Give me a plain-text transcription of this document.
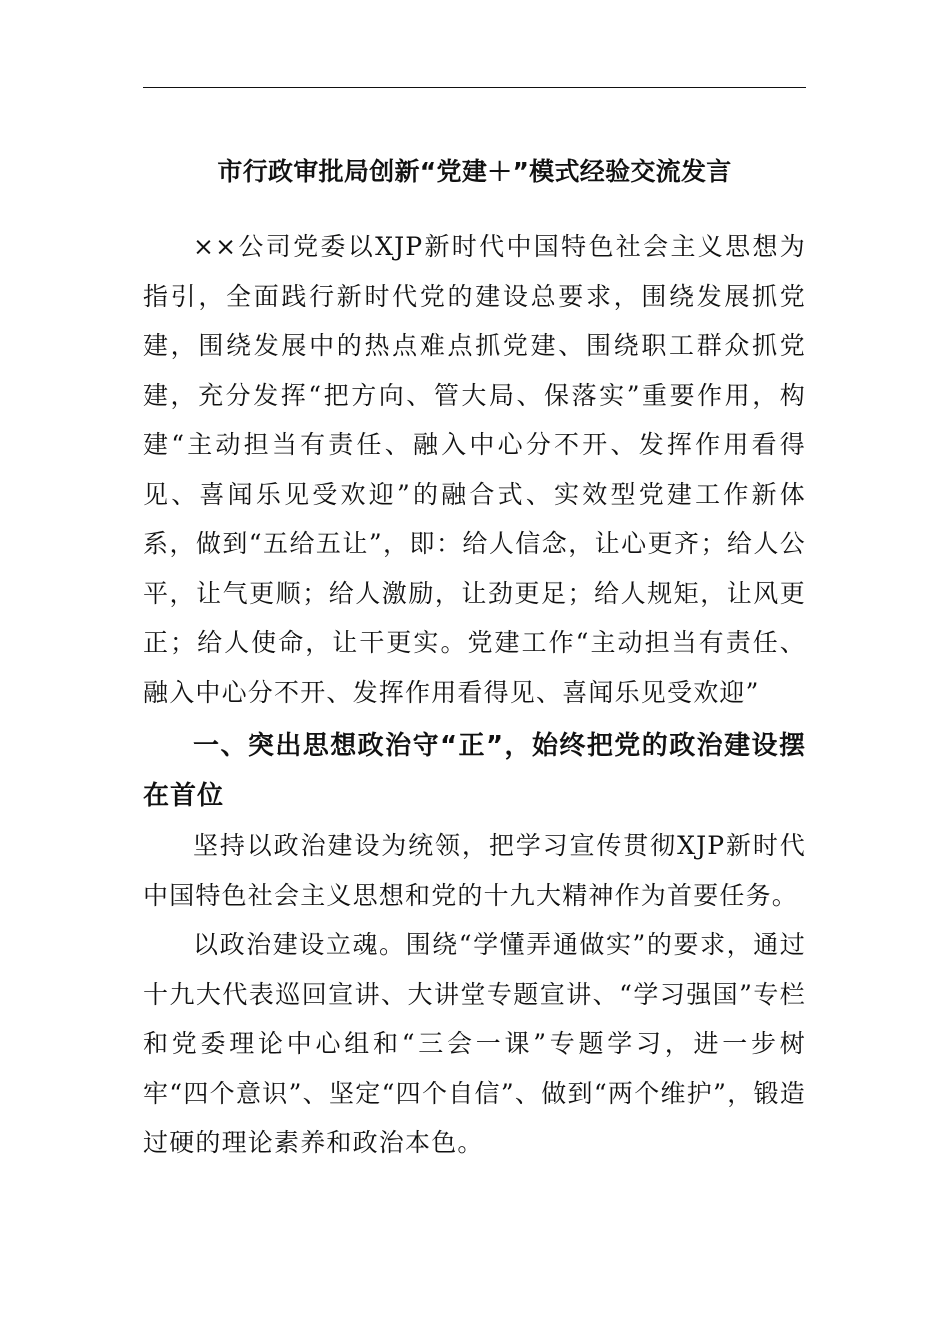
市行政审批局创新“党建＋”模式经验交流发言

××公司党委以XJP新时代中国特色社会主义思想为指引，全面践行新时代党的建设总要求，围绕发展抓党建，围绕发展中的热点难点抓党建、围绕职工群众抓党建，充分发挥“把方向、管大局、保落实”重要作用，构建“主动担当有责任、融入中心分不开、发挥作用看得见、喜闻乐见受欢迎”的融合式、实效型党建工作新体系，做到“五给五让”，即：给人信念，让心更齐；给人公平，让气更顺；给人激励，让劲更足；给人规矩，让风更正；给人使命，让干更实。党建工作“主动担当有责任、融入中心分不开、发挥作用看得见、喜闻乐见受欢迎”

一、突出思想政治守“正”，始终把党的政治建设摆在首位

坚持以政治建设为统领，把学习宣传贯彻XJP新时代中国特色社会主义思想和党的十九大精神作为首要任务。

以政治建设立魂。围绕“学懂弄通做实”的要求，通过十九大代表巡回宣讲、大讲堂专题宣讲、“学习强国”专栏和党委理论中心组和“三会一课”专题学习，进一步树牢“四个意识”、坚定“四个自信”、做到“两个维护”，锻造过硬的理论素养和政治本色。
